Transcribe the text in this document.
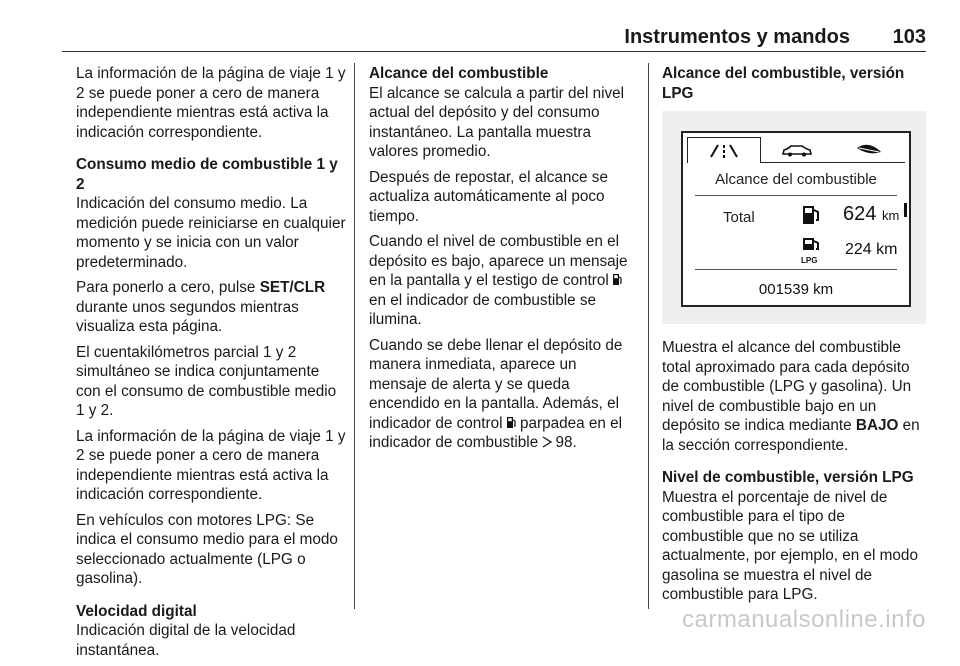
Instrumentos y mandos 103

La información de la página de viaje 1 y 2 se puede poner a cero de manera independiente mientras está activa la indicación correspondiente.

Consumo medio de combustible 1 y 2

Indicación del consumo medio. La medición puede reiniciarse en cualquier momento y se inicia con un valor predeterminado.

Para ponerlo a cero, pulse SET/CLR durante unos segundos mientras visualiza esta página.

El cuentakilómetros parcial 1 y 2 simultáneo se indica conjuntamente con el consumo de combustible medio 1 y 2.

La información de la página de viaje 1 y 2 se puede poner a cero de manera independiente mientras está activa la indicación correspondiente.

En vehículos con motores LPG: Se indica el consumo medio para el modo seleccionado actualmente (LPG o gasolina).

Velocidad digital

Indicación digital de la velocidad instantánea.

Alcance del combustible

El alcance se calcula a partir del nivel actual del depósito y del consumo instantáneo. La pantalla muestra valores promedio.

Después de repostar, el alcance se actualiza automáticamente al poco tiempo.

Cuando el nivel de combustible en el depósito es bajo, aparece un mensaje en la pantalla y el testigo de control  en el indicador de combustible se ilumina.

Cuando se debe llenar el depósito de manera inmediata, aparece un mensaje de alerta y se queda encendido en la pantalla. Además, el indicador de control  parpadea en el indicador de combustible 98.

Alcance del combustible, versión LPG
Alcance del combustible
Total	624 km
LPG
224 km
001539 km

Muestra el alcance del combustible total aproximado para cada depósito de combustible (LPG y gasolina). Un nivel de combustible bajo en un depósito se indica mediante BAJO en la sección correspondiente.

Nivel de combustible, versión LPG

Muestra el porcentaje de nivel de combustible para el tipo de combustible que no se utiliza actualmente, por ejemplo, en el modo gasolina se muestra el nivel de combustible para LPG.

carmanualsonline.info
